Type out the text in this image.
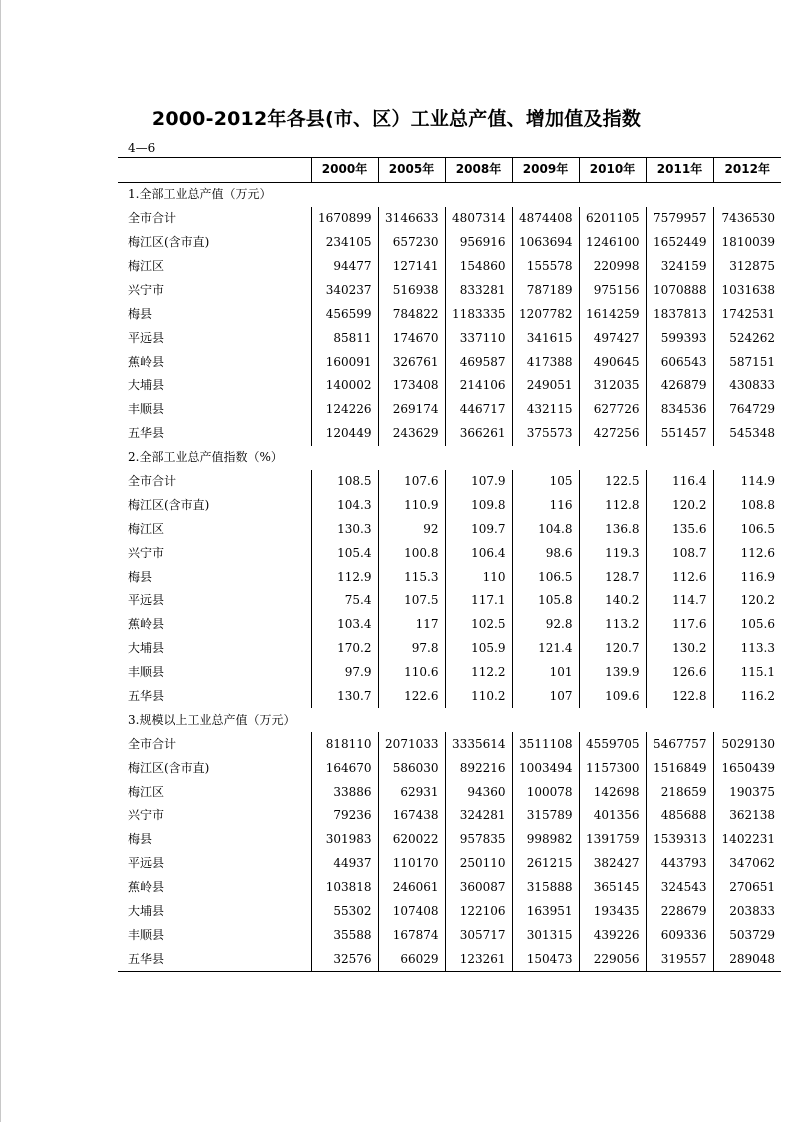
2000-2012年各县(市、区）工业总产值、增加值及指数
4—6
	2000年	2005年	2008年	2009年	2010年	2011年	2012年
1.全部工业总产值（万元）							
全市合计	1670899	3146633	4807314	4874408	6201105	7579957	7436530
梅江区(含市直)	234105	657230	956916	1063694	1246100	1652449	1810039
梅江区	94477	127141	154860	155578	220998	324159	312875
兴宁市	340237	516938	833281	787189	975156	1070888	1031638
梅县	456599	784822	1183335	1207782	1614259	1837813	1742531
平远县	85811	174670	337110	341615	497427	599393	524262
蕉岭县	160091	326761	469587	417388	490645	606543	587151
大埔县	140002	173408	214106	249051	312035	426879	430833
丰顺县	124226	269174	446717	432115	627726	834536	764729
五华县	120449	243629	366261	375573	427256	551457	545348
2.全部工业总产值指数（%）							
全市合计	108.5	107.6	107.9	105	122.5	116.4	114.9
梅江区(含市直)	104.3	110.9	109.8	116	112.8	120.2	108.8
梅江区	130.3	92	109.7	104.8	136.8	135.6	106.5
兴宁市	105.4	100.8	106.4	98.6	119.3	108.7	112.6
梅县	112.9	115.3	110	106.5	128.7	112.6	116.9
平远县	75.4	107.5	117.1	105.8	140.2	114.7	120.2
蕉岭县	103.4	117	102.5	92.8	113.2	117.6	105.6
大埔县	170.2	97.8	105.9	121.4	120.7	130.2	113.3
丰顺县	97.9	110.6	112.2	101	139.9	126.6	115.1
五华县	130.7	122.6	110.2	107	109.6	122.8	116.2
3.规模以上工业总产值（万元）							
全市合计	818110	2071033	3335614	3511108	4559705	5467757	5029130
梅江区(含市直)	164670	586030	892216	1003494	1157300	1516849	1650439
梅江区	33886	62931	94360	100078	142698	218659	190375
兴宁市	79236	167438	324281	315789	401356	485688	362138
梅县	301983	620022	957835	998982	1391759	1539313	1402231
平远县	44937	110170	250110	261215	382427	443793	347062
蕉岭县	103818	246061	360087	315888	365145	324543	270651
大埔县	55302	107408	122106	163951	193435	228679	203833
丰顺县	35588	167874	305717	301315	439226	609336	503729
五华县	32576	66029	123261	150473	229056	319557	289048
